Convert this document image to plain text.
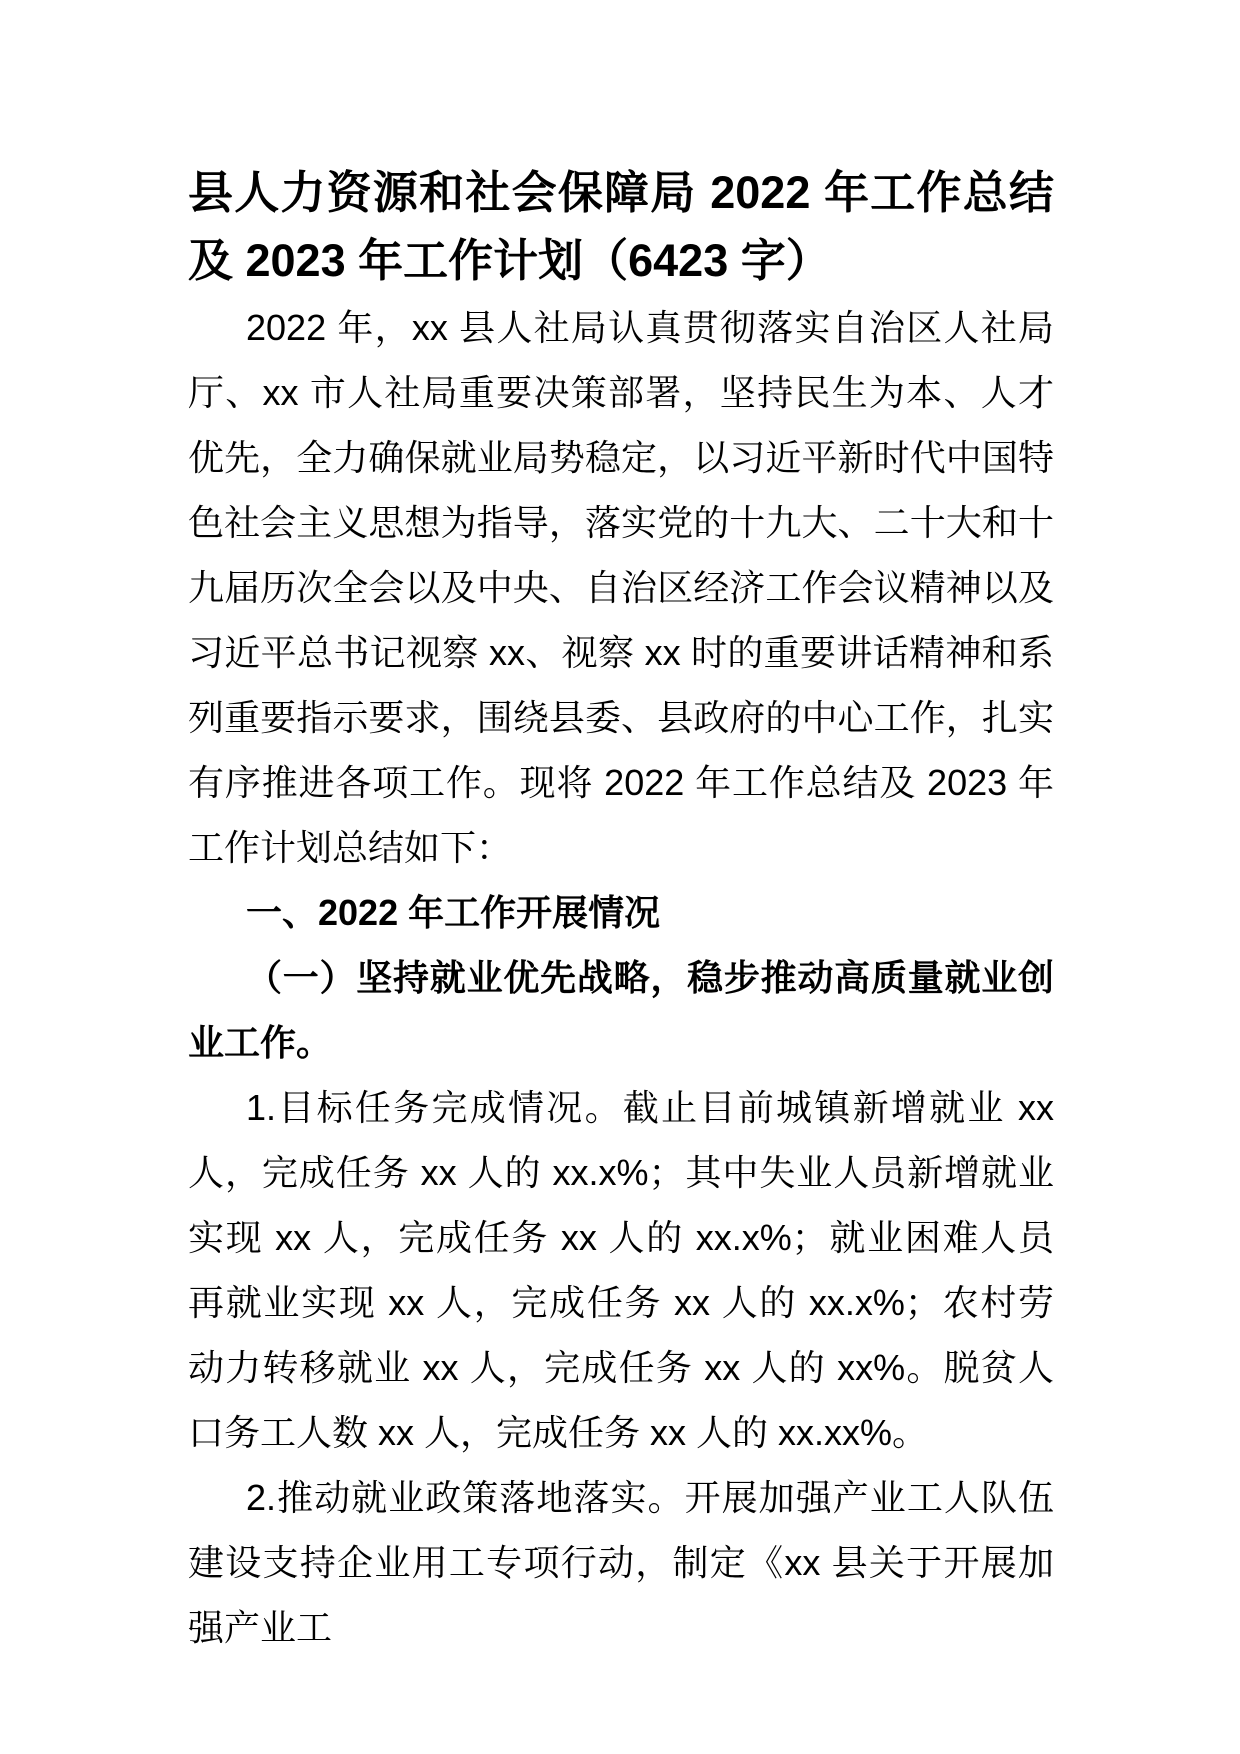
县人力资源和社会保障局 2022 年工作总结及 2023 年工作计划（6423 字）

2022 年，xx 县人社局认真贯彻落实自治区人社局厅、xx 市人社局重要决策部署，坚持民生为本、人才优先，全力确保就业局势稳定，以习近平新时代中国特色社会主义思想为指导，落实党的十九大、二十大和十九届历次全会以及中央、自治区经济工作会议精神以及习近平总书记视察 xx、视察 xx 时的重要讲话精神和系列重要指示要求，围绕县委、县政府的中心工作，扎实有序推进各项工作。现将 2022 年工作总结及 2023 年工作计划总结如下：

一、2022 年工作开展情况

（一）坚持就业优先战略，稳步推动高质量就业创业工作。

1.目标任务完成情况。截止目前城镇新增就业 xx 人，完成任务 xx 人的 xx.x%；其中失业人员新增就业实现 xx 人，完成任务 xx 人的 xx.x%；就业困难人员再就业实现 xx 人，完成任务 xx 人的 xx.x%；农村劳动力转移就业 xx 人，完成任务 xx 人的 xx%。脱贫人口务工人数 xx 人，完成任务 xx 人的 xx.xx%。

2.推动就业政策落地落实。开展加强产业工人队伍建设支持企业用工专项行动，制定《xx 县关于开展加强产业工
